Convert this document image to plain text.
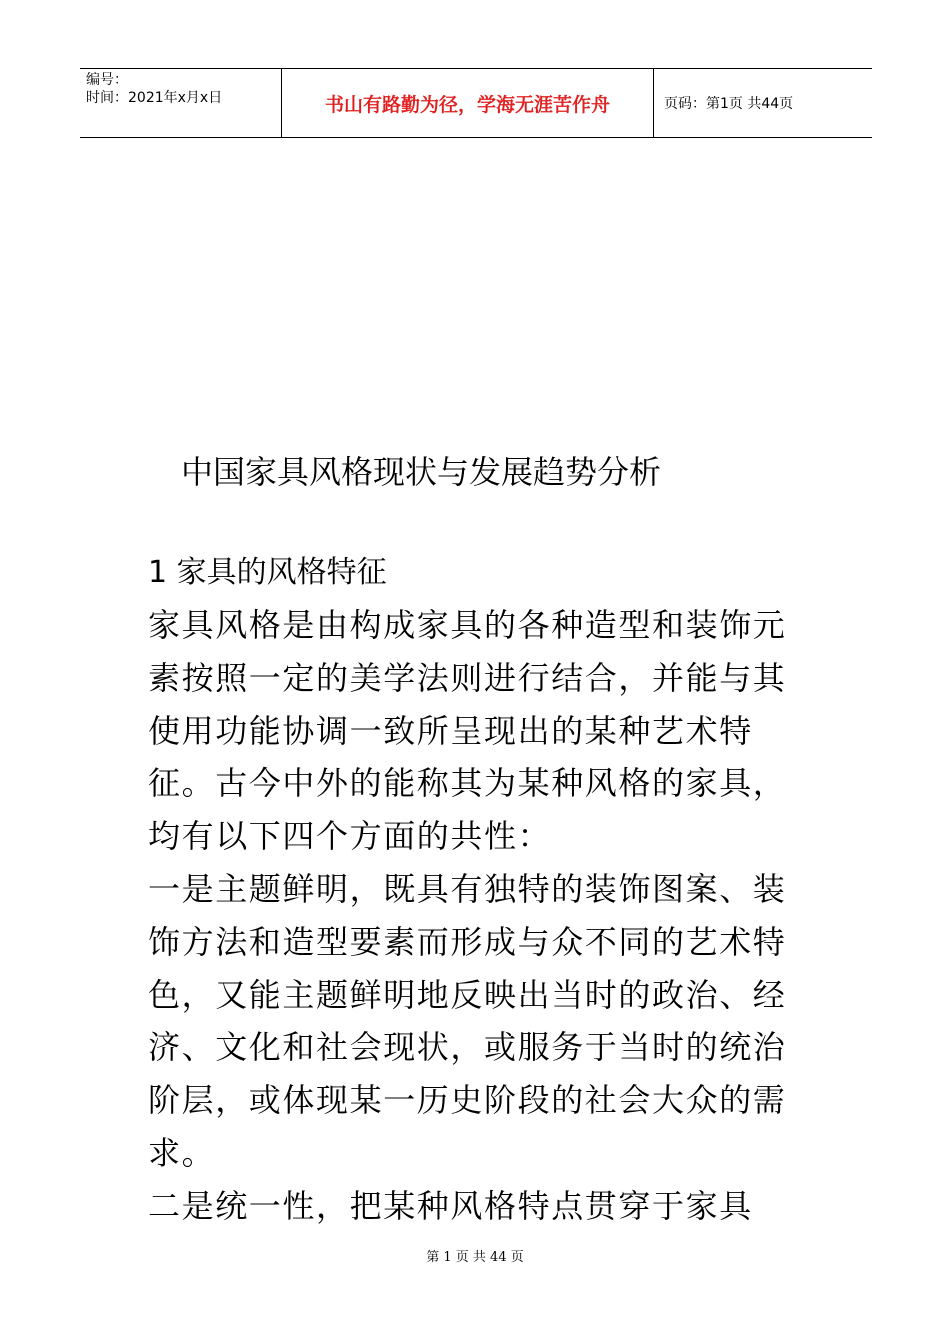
编号：
时间：2021年x月x日	书山有路勤为径，学海无涯苦作舟	页码：第1页 共44页
中国家具风格现状与发展趋势分析
1 家具的风格特征

家具风格是由构成家具的各种造型和装饰元素按照一定的美学法则进行结合，并能与其使用功能协调一致所呈现出的某种艺术特征。古今中外的能称其为某种风格的家具，均有以下四个方面的共性：

一是主题鲜明，既具有独特的装饰图案、装饰方法和造型要素而形成与众不同的艺术特色，又能主题鲜明地反映出当时的政治、经济、文化和社会现状，或服务于当时的统治阶层，或体现某一历史阶段的社会大众的需求。

二是统一性，把某种风格特点贯穿于家具

第 1 页 共 44 页
